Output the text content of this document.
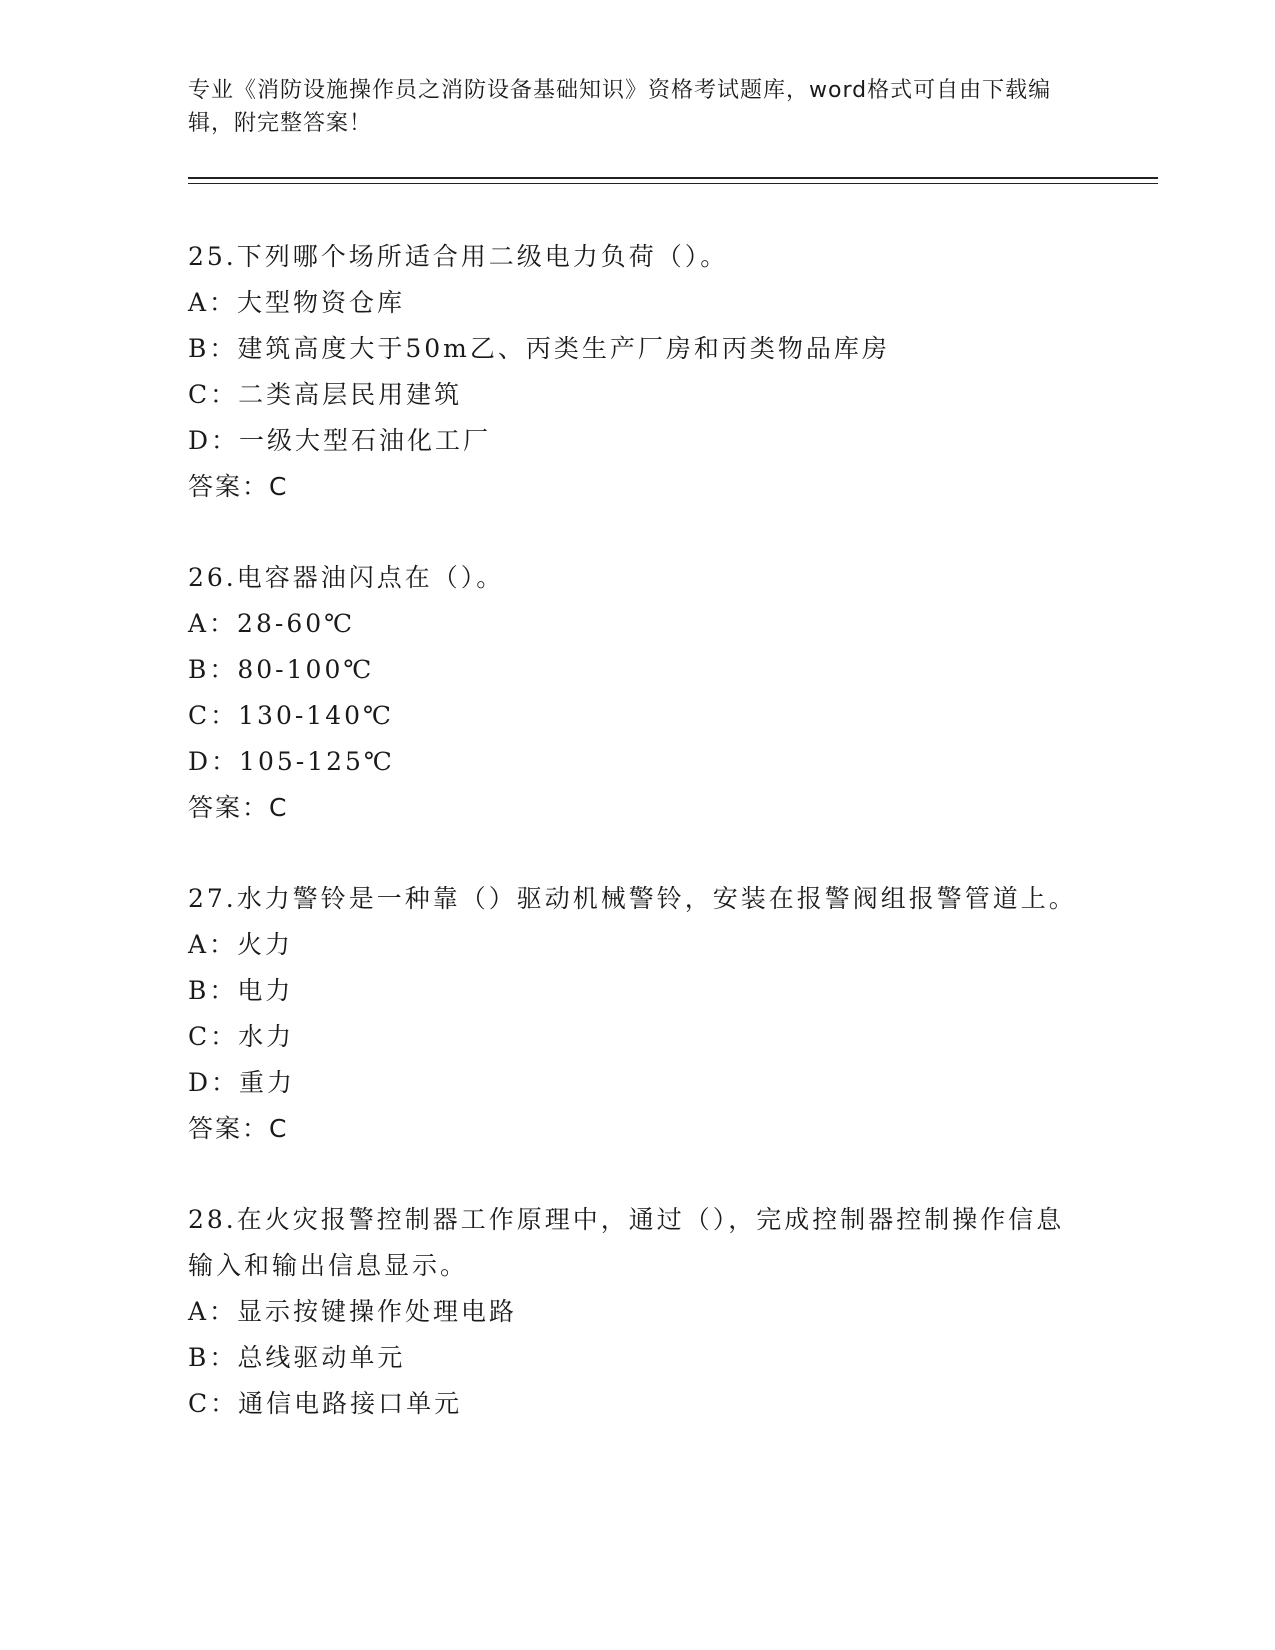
专业《消防设施操作员之消防设备基础知识》资格考试题库，word格式可自由下载编辑，附完整答案！
25.下列哪个场所适合用二级电力负荷（）。
A：大型物资仓库
B：建筑高度大于50m乙、丙类生产厂房和丙类物品库房
C：二类高层民用建筑
D：一级大型石油化工厂
答案：C
26.电容器油闪点在（）。
A：28-60℃
B：80-100℃
C：130-140℃
D：105-125℃
答案：C
27.水力警铃是一种靠（）驱动机械警铃，安装在报警阀组报警管道上。
A：火力
B：电力
C：水力
D：重力
答案：C
28.在火灾报警控制器工作原理中，通过（），完成控制器控制操作信息输入和输出信息显示。
A：显示按键操作处理电路
B：总线驱动单元
C：通信电路接口单元
